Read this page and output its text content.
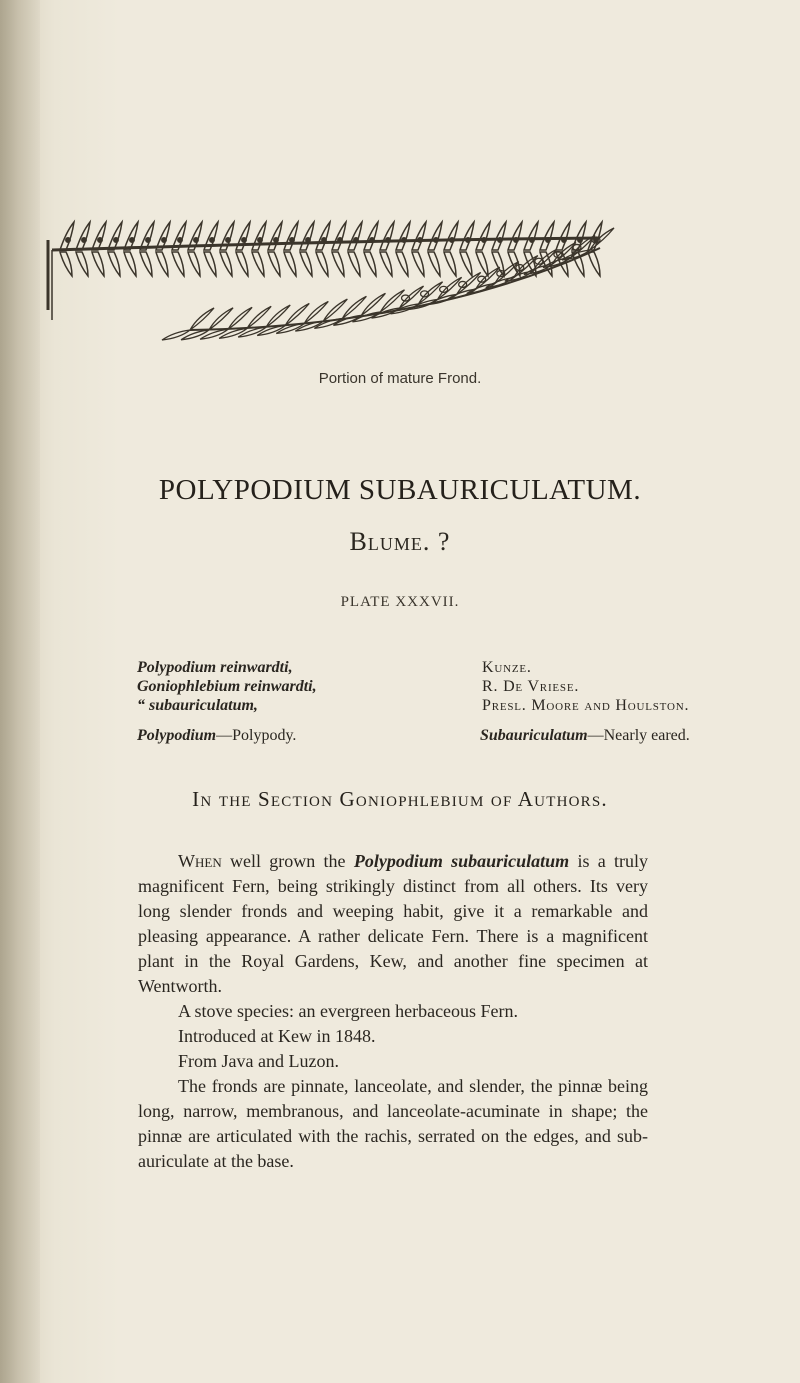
Portion of mature Frond.
POLYPODIUM SUBAURICULATUM.
Blume. ?
PLATE XXXVII.
Polypodium reinwardti,
Goniophlebium reinwardti,
“ subauriculatum,
Kunze.
R. De Vriese.
Presl. Moore and Houlston.
Polypodium—Polypody.	Subauriculatum—Nearly eared.
In the Section Goniophlebium of Authors.

When well grown the Polypodium subauriculatum is a truly magnificent Fern, being strikingly distinct from all others. Its very long slender fronds and weeping habit, give it a remarkable and pleasing appearance. A rather delicate Fern. There is a magnificent plant in the Royal Gardens, Kew, and another fine specimen at Wentworth.

A stove species: an evergreen herbaceous Fern.

Introduced at Kew in 1848.

From Java and Luzon.

The fronds are pinnate, lanceolate, and slender, the pinnæ being long, narrow, membranous, and lanceolate-acuminate in shape; the pinnæ are articulated with the rachis, serrated on the edges, and sub-auriculate at the base.
